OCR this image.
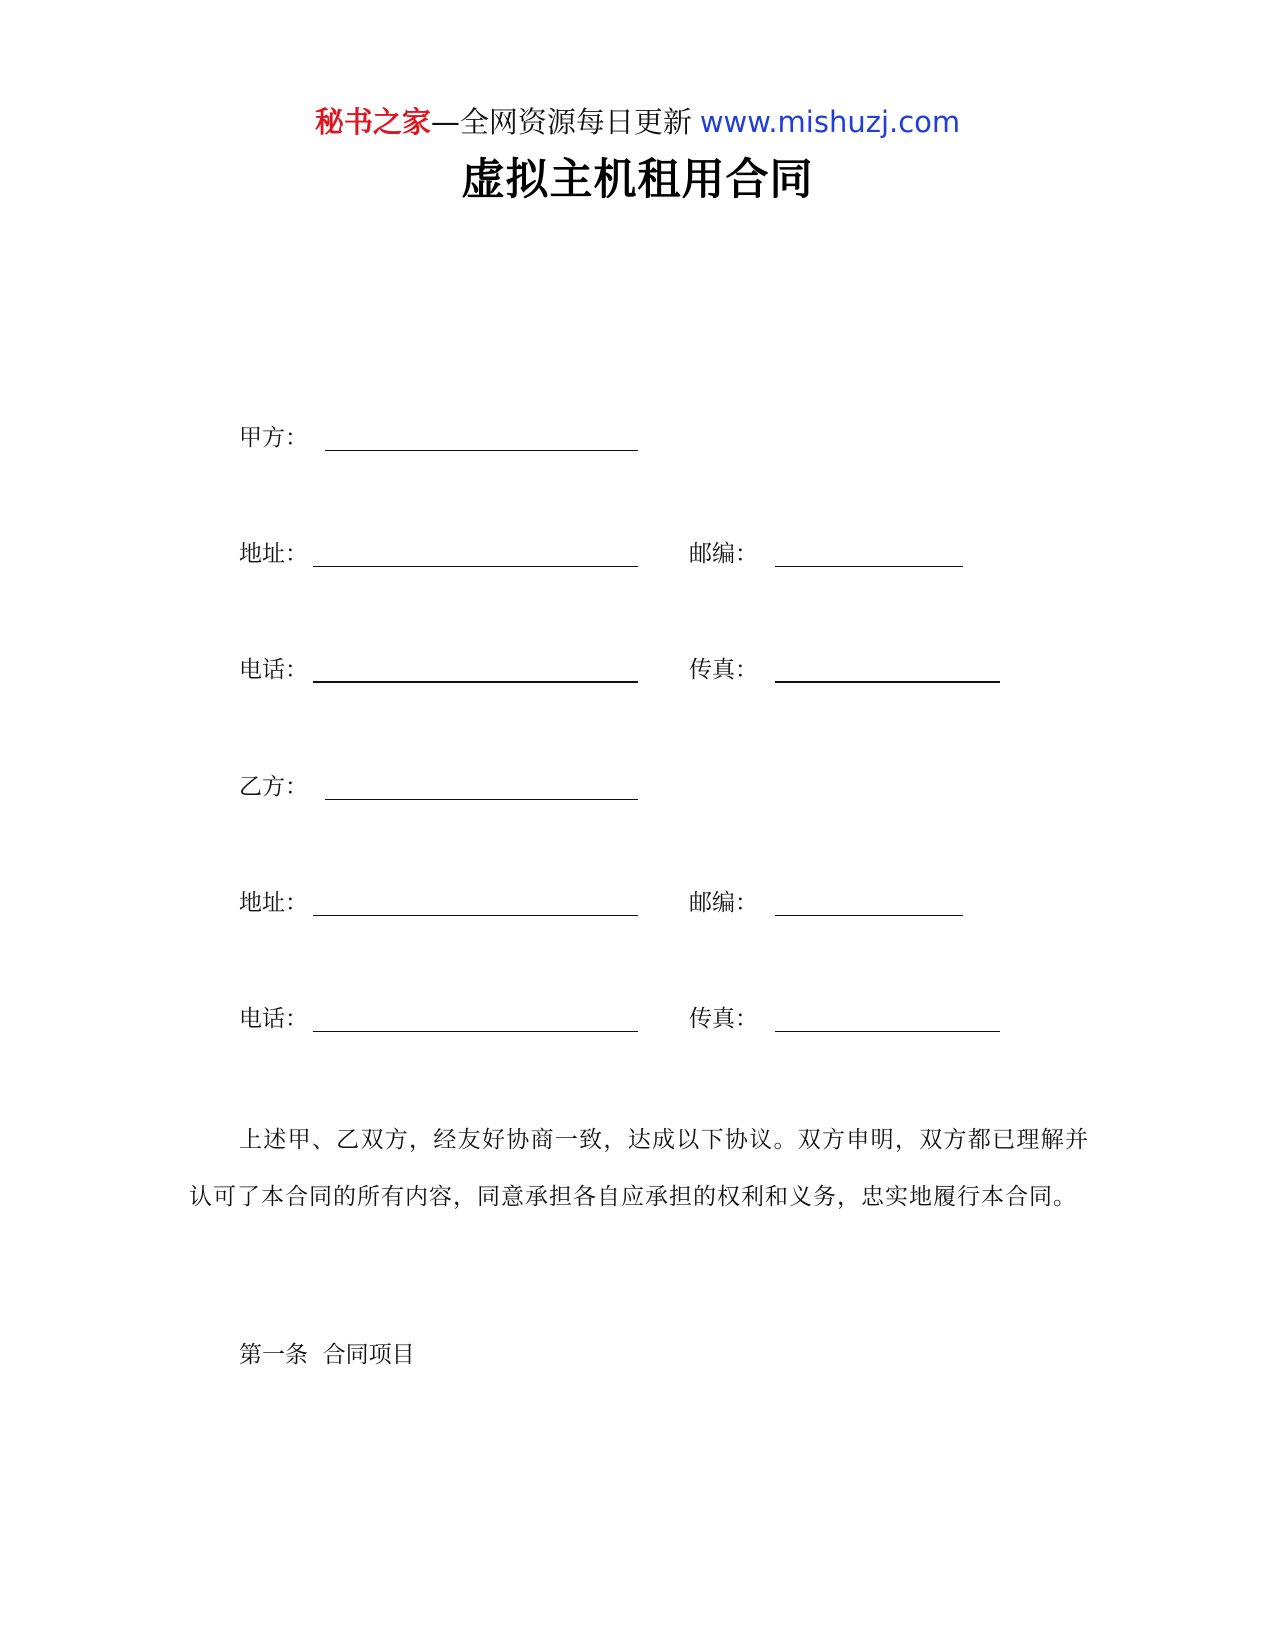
秘书之家—全网资源每日更新 www.mishuzj.com
虚拟主机租用合同
甲方：
地址：	邮编：
电话：	传真：
乙方：
地址：	邮编：
电话：	传真：
上述甲、乙双方，经友好协商一致，达成以下协议。双方申明，双方都已理解并认可了本合同的所有内容，同意承担各自应承担的权利和义务，忠实地履行本合同。
第一条  合同项目
